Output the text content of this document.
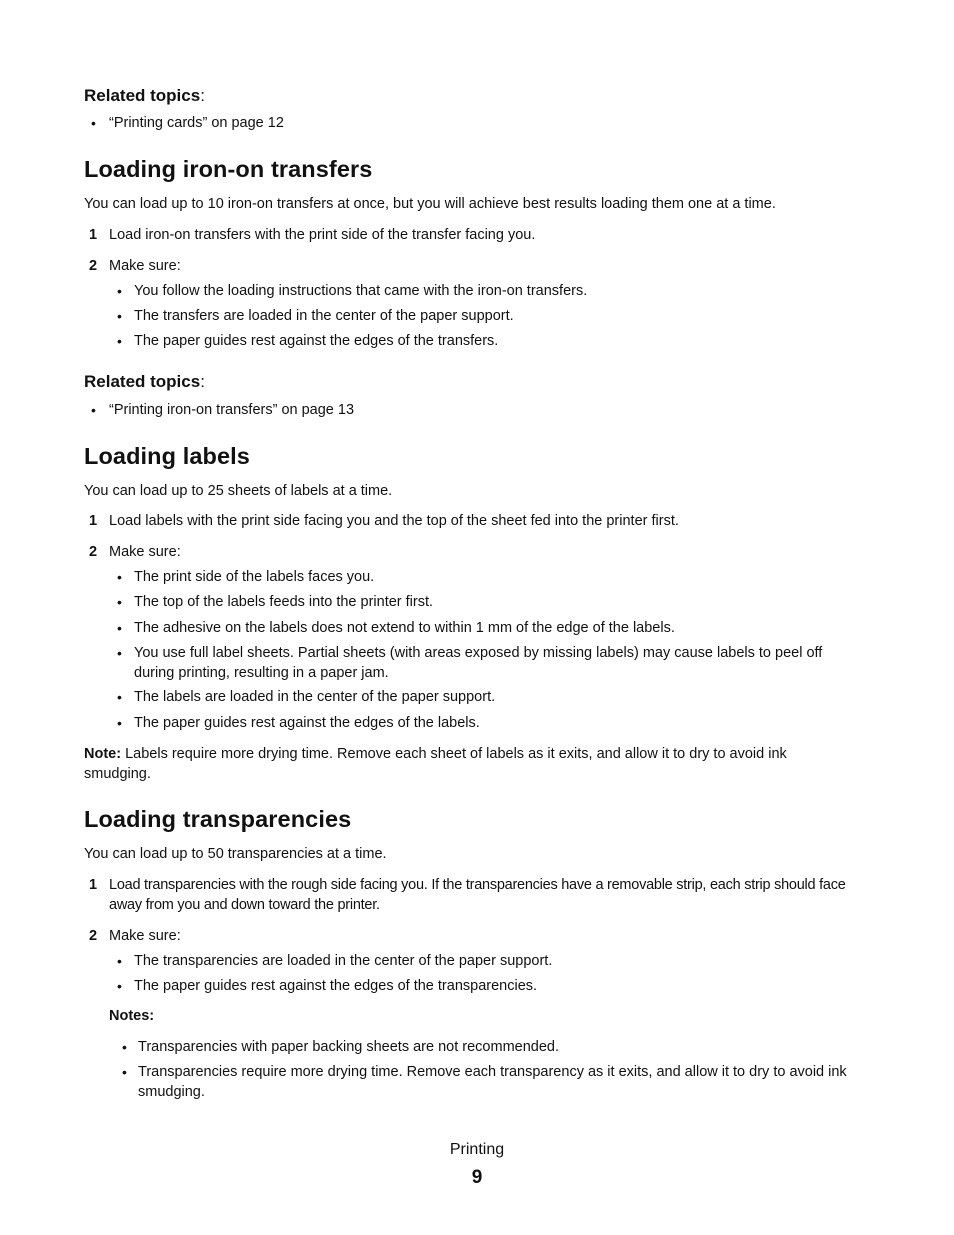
Related topics:
• “Printing cards” on page 12
Loading iron-on transfers
You can load up to 10 iron-on transfers at once, but you will achieve best results loading them one at a time.
1 Load iron-on transfers with the print side of the transfer facing you.
2 Make sure:
• You follow the loading instructions that came with the iron-on transfers.
• The transfers are loaded in the center of the paper support.
• The paper guides rest against the edges of the transfers.
Related topics:
• “Printing iron-on transfers” on page 13
Loading labels
You can load up to 25 sheets of labels at a time.
1 Load labels with the print side facing you and the top of the sheet fed into the printer first.
2 Make sure:
• The print side of the labels faces you.
• The top of the labels feeds into the printer first.
• The adhesive on the labels does not extend to within 1 mm of the edge of the labels.
• You use full label sheets. Partial sheets (with areas exposed by missing labels) may cause labels to peel off during printing, resulting in a paper jam.
• The labels are loaded in the center of the paper support.
• The paper guides rest against the edges of the labels.
Note: Labels require more drying time. Remove each sheet of labels as it exits, and allow it to dry to avoid ink smudging.
Loading transparencies
You can load up to 50 transparencies at a time.
1 Load transparencies with the rough side facing you. If the transparencies have a removable strip, each strip should face away from you and down toward the printer.
2 Make sure:
• The transparencies are loaded in the center of the paper support.
• The paper guides rest against the edges of the transparencies.
Notes:
• Transparencies with paper backing sheets are not recommended.
• Transparencies require more drying time. Remove each transparency as it exits, and allow it to dry to avoid ink smudging.
Printing
9
